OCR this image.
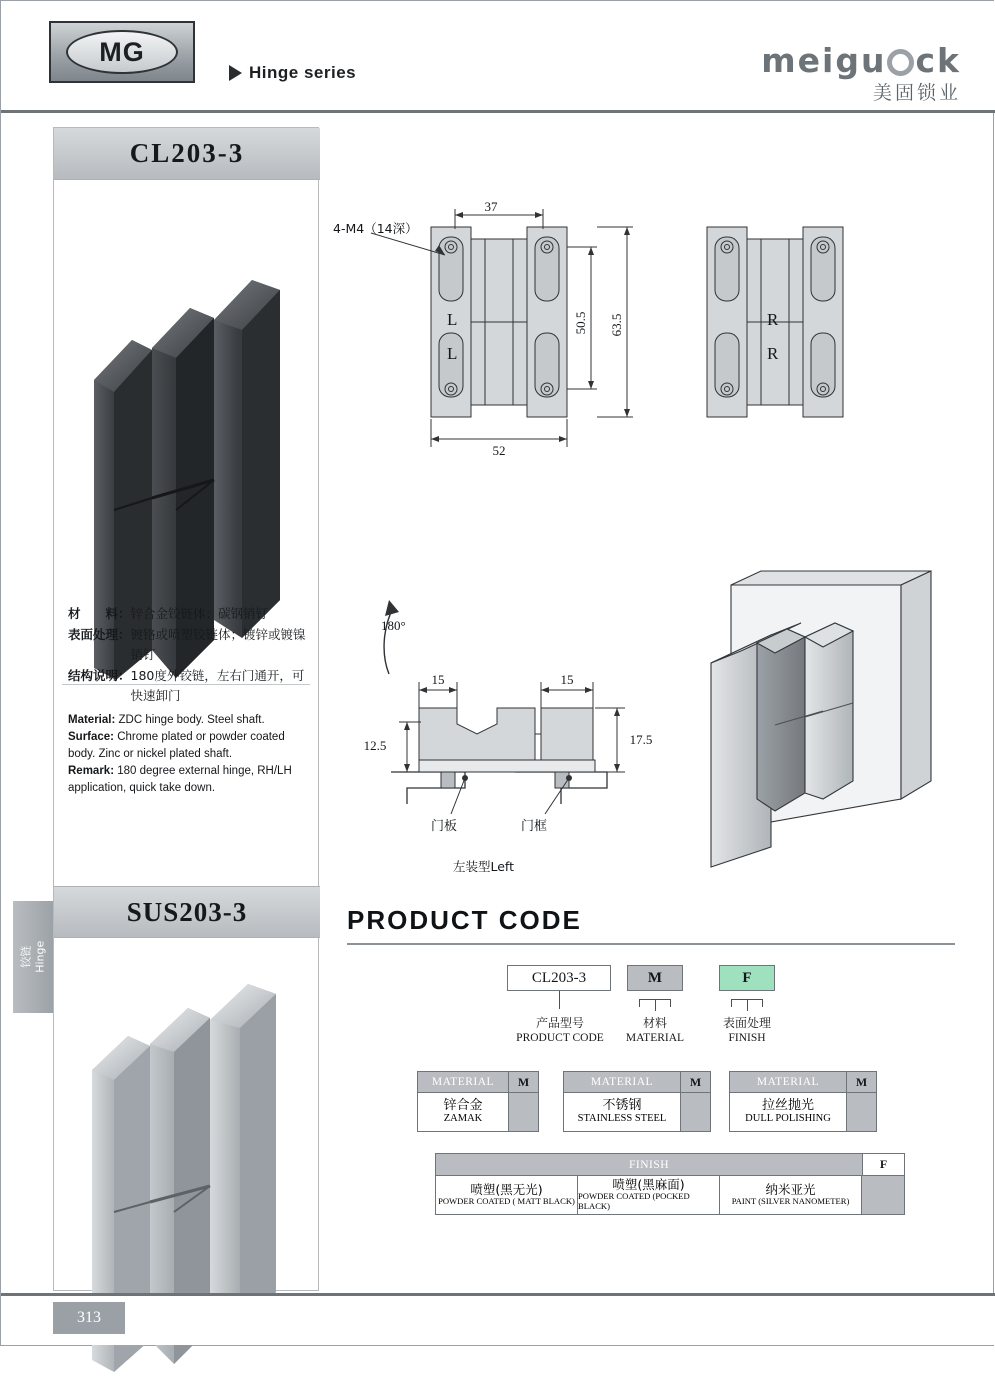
MG
Hinge series	meigu ck
美固锁业
CL203-3
材　　料： 锌合金铰链体；碳钢销钉
表面处理： 镀铬或喷塑铰链体；镀锌或镀镍销钉
结构说明： 180度外铰链，左右门通开，可快速卸门
Material: ZDC hinge body. Steel shaft.
Surface: Chrome plated or powder coated body. Zinc or nickel plated shaft.
Remark: 180 degree external hinge, RH/LH application, quick take down.
SUS203-3
铰链
Hinge
37
52
50.5 63.5
L
L
R
R
4-M4（14深）
15	15
12.5	17.5
180°
门板	门框
左装型Left
PRODUCT CODE
CL203-3	M	F
产品型号
PRODUCT CODE
材料
MATERIAL
表面处理
FINISH
MATERIAL	M
锌合金
ZAMAK
MATERIAL	M
不锈钢
STAINLESS STEEL
MATERIAL	M
拉丝抛光
DULL POLISHING
FINISH	F
喷塑(黑无光)
POWDER COATED ( MATT BLACK)
喷塑(黑麻面)
POWDER COATED (POCKED BLACK)
纳米亚光
PAINT (SILVER NANOMETER)
313
